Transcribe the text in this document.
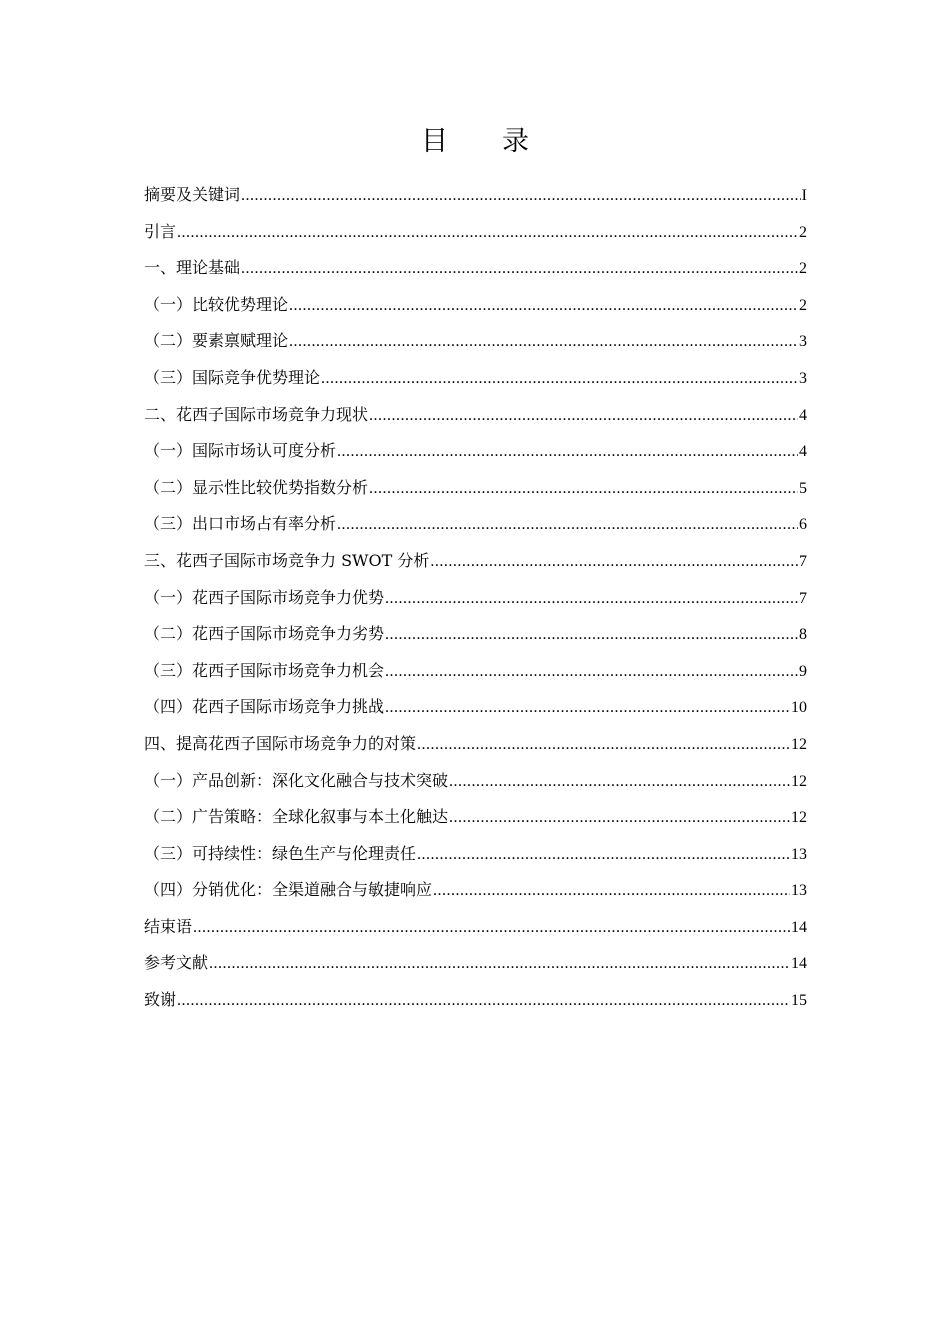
目 录
摘要及关键词 .....	I
引言 .....	2
一、理论基础 .....	2
（一）比较优势理论 .....	2
（二）要素禀赋理论 .....	3
（三）国际竞争优势理论 .....	3
二、花西子国际市场竞争力现状 .....	4
（一）国际市场认可度分析 .....	4
（二）显示性比较优势指数分析 .....	5
（三）出口市场占有率分析 .....	6
三、花西子国际市场竞争力 SWOT 分析 .....	7
（一）花西子国际市场竞争力优势 .....	7
（二）花西子国际市场竞争力劣势 .....	8
（三）花西子国际市场竞争力机会 .....	9
（四）花西子国际市场竞争力挑战 .....	10
四、提高花西子国际市场竞争力的对策 .....	12
（一）产品创新：深化文化融合与技术突破 .....	12
（二）广告策略：全球化叙事与本土化触达 .....	12
（三）可持续性：绿色生产与伦理责任 .....	13
（四）分销优化：全渠道融合与敏捷响应 .....	13
结束语 .....	14
参考文献 .....	14
致谢 .....	15
